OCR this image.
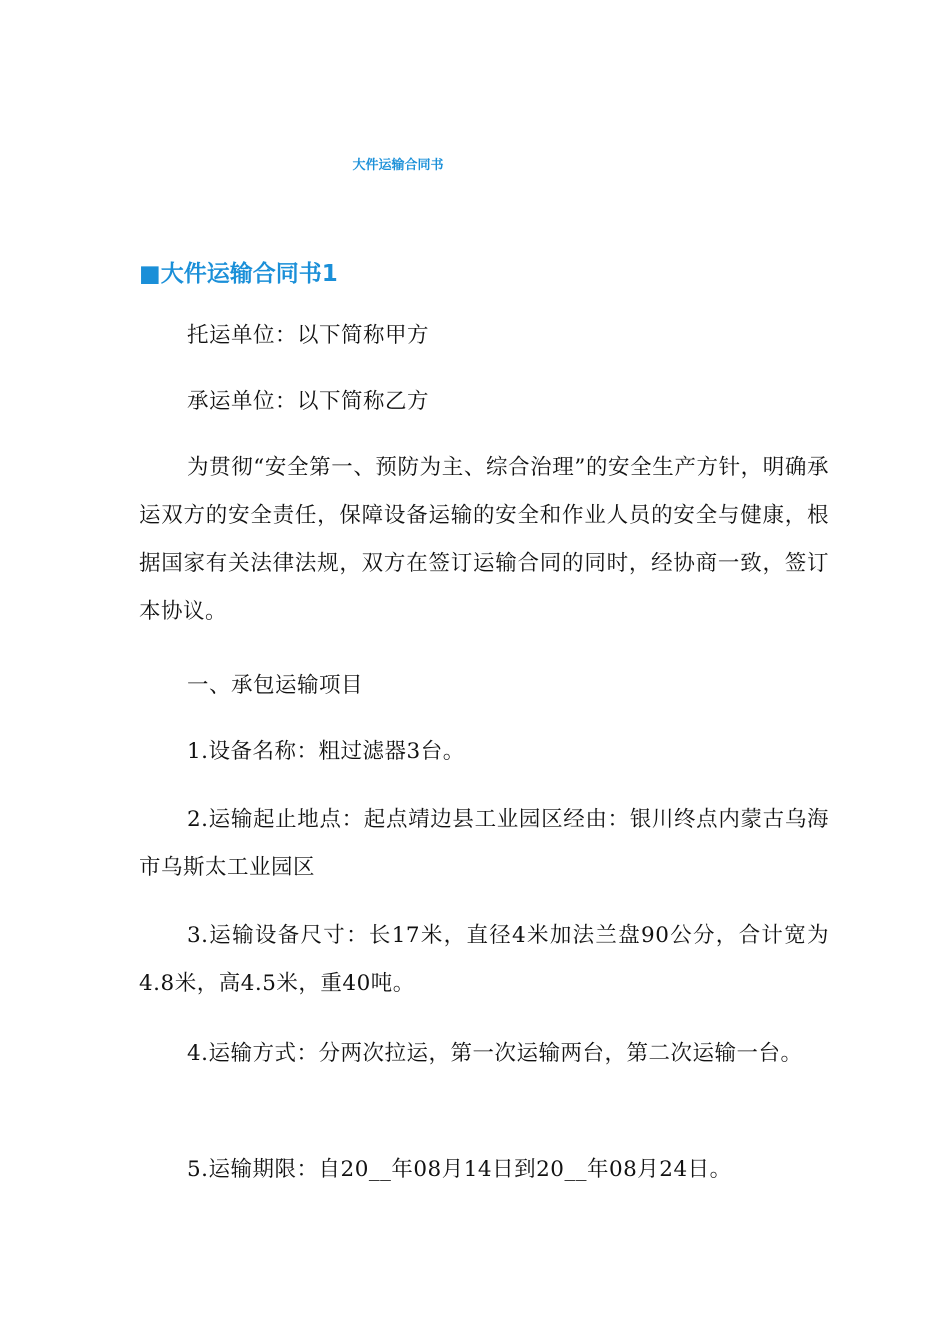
大件运输合同书
■大件运输合同书1

托运单位：以下简称甲方

承运单位：以下简称乙方

为贯彻“安全第一、预防为主、综合治理”的安全生产方针，明确承运双方的安全责任，保障设备运输的安全和作业人员的安全与健康，根据国家有关法律法规，双方在签订运输合同的同时，经协商一致，签订本协议。

一、承包运输项目

1.设备名称：粗过滤器3台。

2.运输起止地点：起点靖边县工业园区经由：银川终点内蒙古乌海市乌斯太工业园区

3.运输设备尺寸：长17米，直径4米加法兰盘90公分，合计宽为4.8米，高4.5米，重40吨。

4.运输方式：分两次拉运，第一次运输两台，第二次运输一台。

5.运输期限：自20__年08月14日到20__年08月24日。
